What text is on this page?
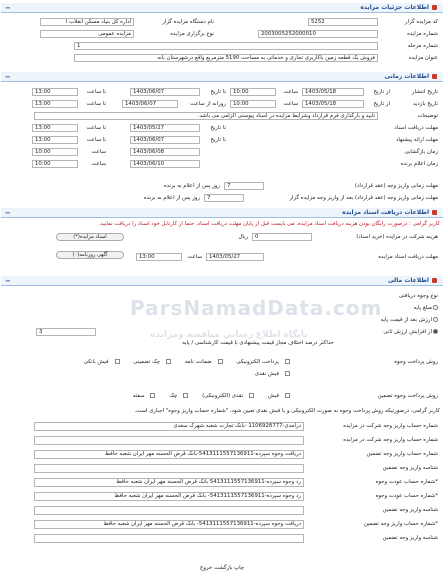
اطلاعات جزئیات مزایده
−
کد مزایده گزار
5252
نام دستگاه مزایده گزار
اداره کل بنیاد مسکن انقلاب ا
شماره مزایده
2003005252000010
نوع برگزاری مزایده
مزایده عمومی
شماره مرحله
1
عنوان مزایده
فروش یک قطعه زمین باکاربری تجاری و خدماتی به مساحت 5190 مترمربع واقع درشهرستان بانه
اطلاعات زمانی
−
تاریخ انتشار
از تاریخ
1403/05/18
ساعت
10:00
تا تاریخ
1403/06/07
تا ساعت
13:00
تاریخ بازدید
از تاریخ
1403/05/18
ساعت
10:00
روزانه از ساعت
1403/06/07
تا ساعت
13:00
توضیحات
تایید و بارگذاری فرم قرارداد وشرایط مزایده در اسناد پیوستی الزامی می باشد.
مهلت دریافت اسناد
تا تاریخ
1403/05/27
تا ساعت
13:00
مهلت ارائه پیشنهاد
تا تاریخ
1403/06/07
تا ساعت
13:00
زمان بازگشایی
1403/06/08
ساعت
10:00
زمان اعلام برنده
1403/06/10
ساعت
10:00
مهلت زمانی واریز وجه (عقد قرارداد)
7
روز پس از اعلام به برنده
مهلت زمانی واریز وجه (عقد قرارداد) بعد از واریز وجه مزایده گزار
7
روز پس از اعلام به برنده
اطلاعات دریافت اسناد مزایده
−
کاربر گرامی : درصورت رایگان بودن هزینه دریافت اسناد مزایده، می بایست قبل از پایان مهلت دریافت اسناد، حتما از کارتابل خود اسناد را دریافت نمایید.
هزینه شرکت در مزایده (خرید اسناد)
0
ریال
اسناد مزایده(*)
مهلت دریافت اسناد مزایده
1403/05/27
ساعت
13:00
آگهی روزنامه(۰)
اطلاعات مالی
−
نوع وجوه دریافتی
مبلغ پایه
ارزش بعد از قیمت پایه
از افزایش ارزش ثانی
3
حداکثر درصد اختلاف مجاز قیمت پیشنهادی با قیمت کارشناسی / پایه
روش پرداخت وجوه
پرداخت الکترونیکی ضمانت نامه چک تضمینی فیش بانکی
فیش نقدی
روش پرداخت وجوه تضمین
فیش نقدی (الکترونیکی) چک سفته
کاربر گرامی، درصورتیکه روش پرداخت وجوه به صورت الکترونیکی و یا فیش نقدی تعیین شود، "شماره حساب واریز وجوه" اجباری است.
شماره حساب واریز وجه شرکت در مزایده
درآمدی-1106928777 -بانک تجارت شعبه شهرک سعدی
شماره حساب واریز وجه شرکت در مزایده
شماره حساب واریز وجه تضمین
دریافت وجوه سپرده-5413111557136911-بانک قرض الحسنه مهر ایران شعبه حافظ
شناسه واریز وجه تضمین
*شماره حساب عودت وجوه
رد وجوه سپرده-5413111557136911 بانک قرض الحسنه مهر ایران شعبه حافظ
*شماره حساب عودت وجوه
رد وجوه سپرده-5413111557136911- بانک قرض الحسنه مهر ایران شعبه حافظ
شناسه واریز وجه تضمین
*شماره حساب واریز وجه تضمین
دریافت وجوه سپرده-5413111557136911- بانک قرض الحسنه مهر ایران شعبه حافظ
شناسه واریز وجه تضمین
ParsNamadData.com
پایگاه اطلاع رسانی مناقصه ومزایده
چاپ بازگشت خروج
